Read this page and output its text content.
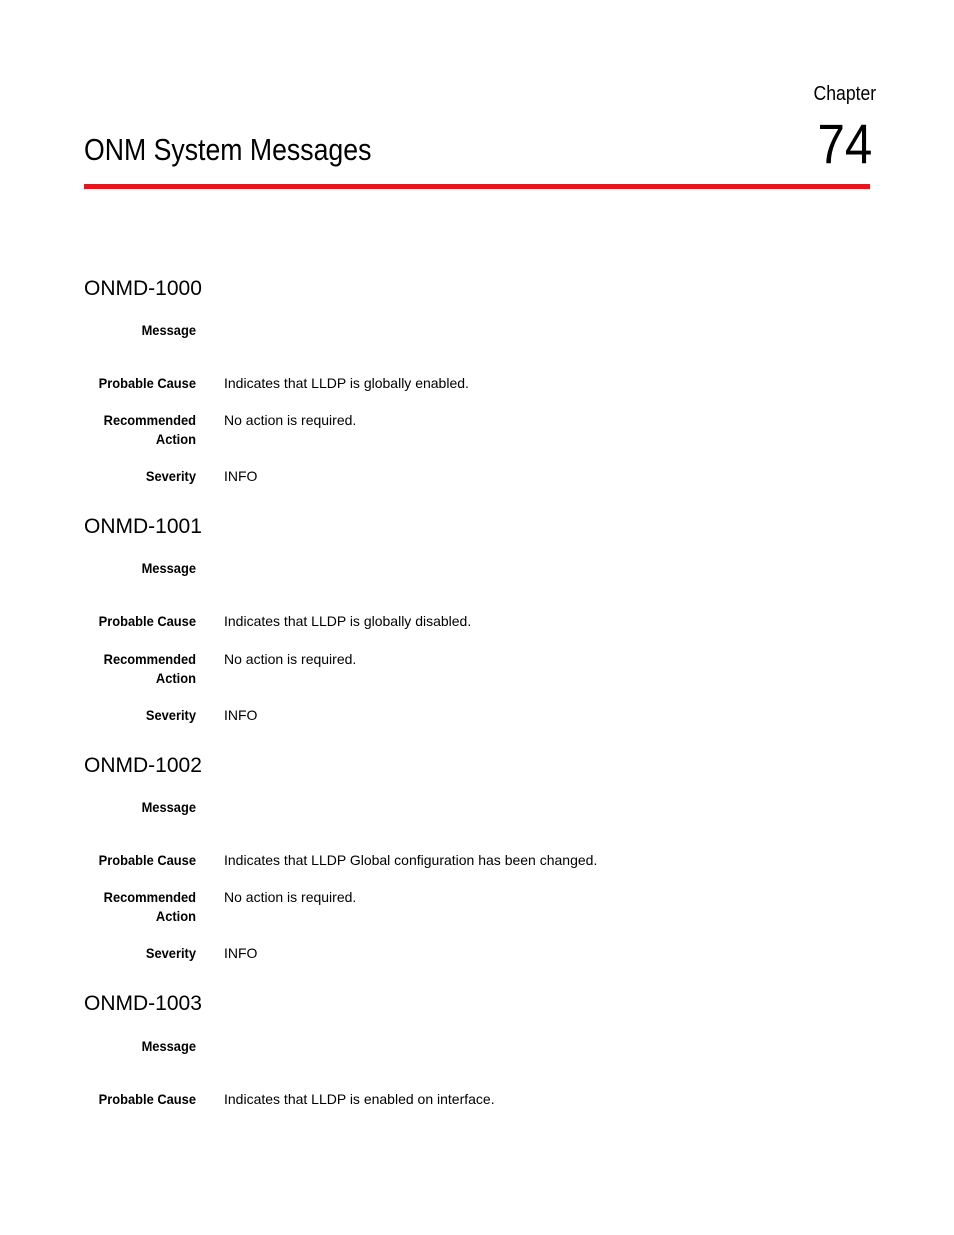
Chapter
74
ONM System Messages
ONMD-1000
Message
Probable Cause Indicates that LLDP is globally enabled.
Recommended
Action
No action is required.
Severity INFO
ONMD-1001
Message
Probable Cause Indicates that LLDP is globally disabled.
Recommended
Action
No action is required.
Severity INFO
ONMD-1002
Message
Probable Cause Indicates that LLDP Global configuration has been changed.
Recommended
Action
No action is required.
Severity INFO
ONMD-1003
Message
Probable Cause Indicates that LLDP is enabled on interface.
